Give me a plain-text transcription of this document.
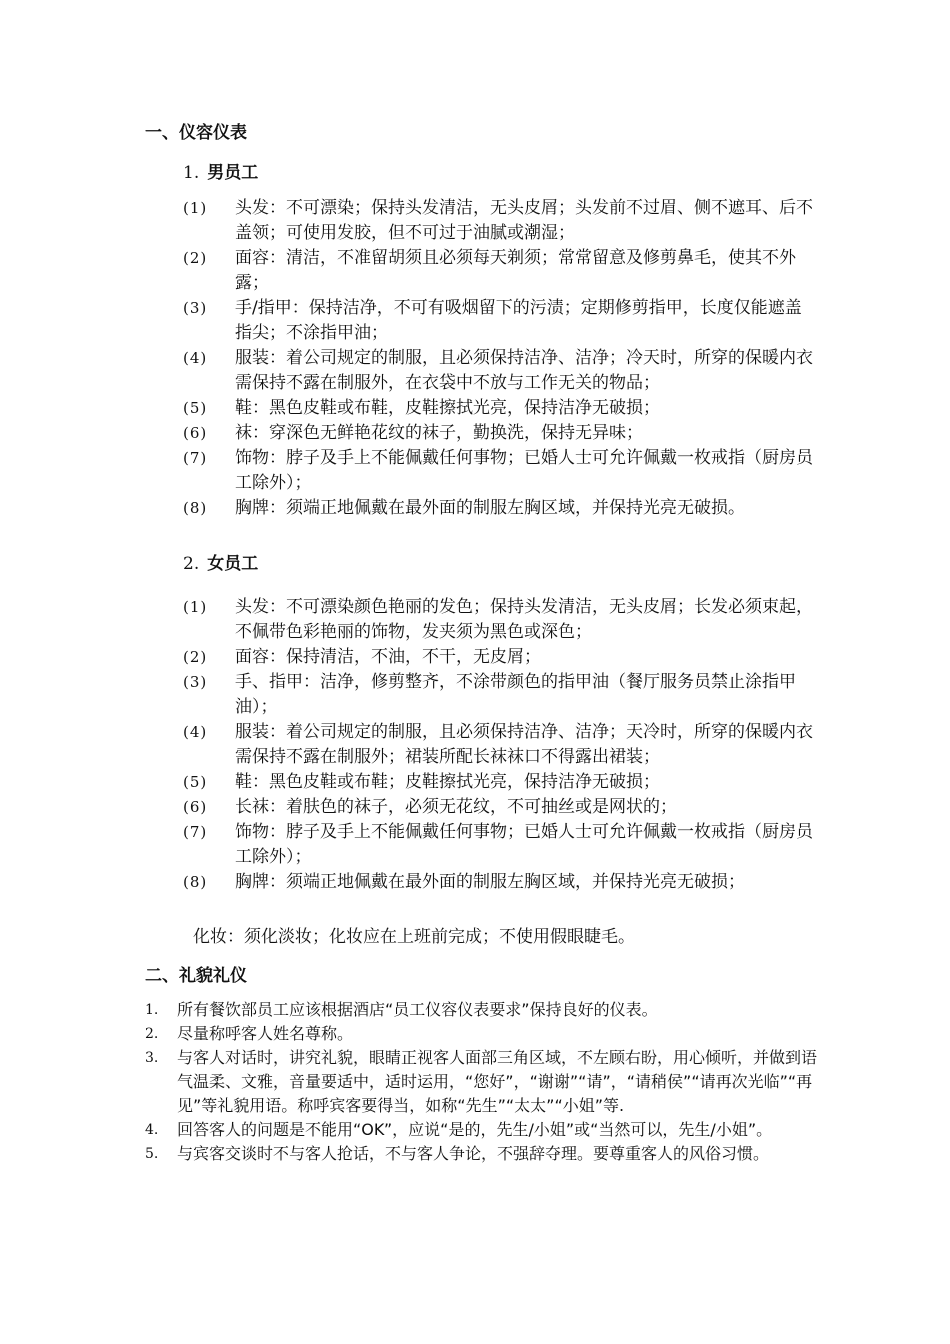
一、仪容仪表
1. 男员工
(1) 头发：不可漂染；保持头发清洁，无头皮屑；头发前不过眉、侧不遮耳、后不盖领；可使用发胶，但不可过于油腻或潮湿；
(2) 面容：清洁，不准留胡须且必须每天剃须；常常留意及修剪鼻毛，使其不外露；
(3) 手/指甲：保持洁净，不可有吸烟留下的污渍；定期修剪指甲，长度仅能遮盖指尖；不涂指甲油；
(4) 服装：着公司规定的制服，且必须保持洁净、洁净；冷天时，所穿的保暖内衣需保持不露在制服外，在衣袋中不放与工作无关的物品；
(5) 鞋：黑色皮鞋或布鞋，皮鞋擦拭光亮，保持洁净无破损；
(6) 袜：穿深色无鲜艳花纹的袜子，勤换洗，保持无异味；
(7) 饰物：脖子及手上不能佩戴任何事物；已婚人士可允许佩戴一枚戒指（厨房员工除外）；
(8) 胸牌：须端正地佩戴在最外面的制服左胸区域，并保持光亮无破损。
2. 女员工
(1) 头发：不可漂染颜色艳丽的发色；保持头发清洁，无头皮屑；长发必须束起，不佩带色彩艳丽的饰物，发夹须为黑色或深色；
(2) 面容：保持清洁，不油，不干，无皮屑；
(3) 手、指甲：洁净，修剪整齐，不涂带颜色的指甲油（餐厅服务员禁止涂指甲油）；
(4) 服装：着公司规定的制服，且必须保持洁净、洁净；天冷时，所穿的保暖内衣需保持不露在制服外；裙装所配长袜袜口不得露出裙装；
(5) 鞋：黑色皮鞋或布鞋；皮鞋擦拭光亮，保持洁净无破损；
(6) 长袜：着肤色的袜子，必须无花纹，不可抽丝或是网状的；
(7) 饰物：脖子及手上不能佩戴任何事物；已婚人士可允许佩戴一枚戒指（厨房员工除外）；
(8) 胸牌：须端正地佩戴在最外面的制服左胸区域，并保持光亮无破损；
化妆：须化淡妆；化妆应在上班前完成；不使用假眼睫毛。
二、礼貌礼仪
1. 所有餐饮部员工应该根据酒店“员工仪容仪表要求”保持良好的仪表。
2. 尽量称呼客人姓名尊称。
3. 与客人对话时，讲究礼貌，眼睛正视客人面部三角区域，不左顾右盼，用心倾听，并做到语气温柔、文雅，音量要适中，适时运用，“您好”，“谢谢”“请”，“请稍侯”“请再次光临”“再见”等礼貌用语。称呼宾客要得当，如称“先生”“太太”“小姐”等.
4. 回答客人的问题是不能用“OK”，应说“是的，先生/小姐”或“当然可以，先生/小姐”。
5. 与宾客交谈时不与客人抢话，不与客人争论，不强辞夺理。要尊重客人的风俗习惯。
